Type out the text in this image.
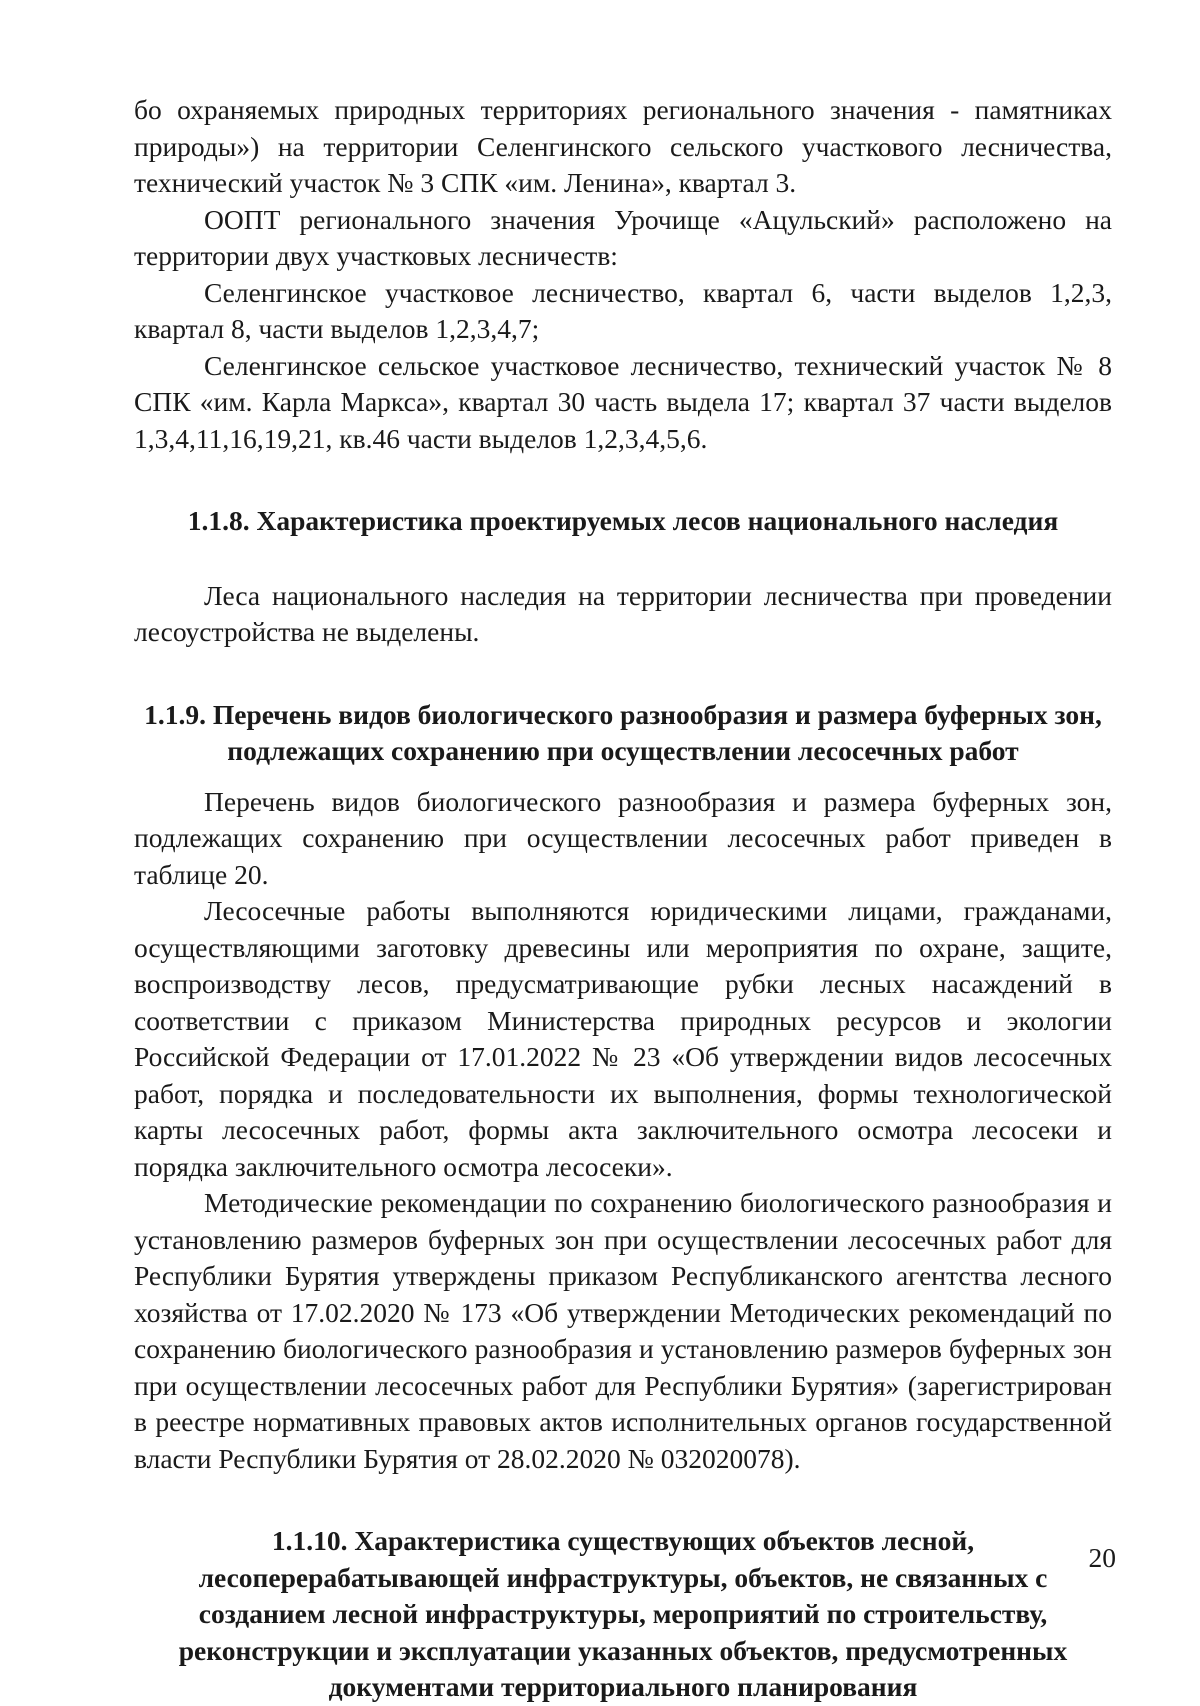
бо охраняемых природных территориях регионального значения - памятниках природы») на территории Селенгинского сельского участкового лесничества, технический участок № 3 СПК «им. Ленина», квартал 3.

ООПТ регионального значения Урочище «Ацульский» расположено на территории двух участковых лесничеств:

Селенгинское участковое лесничество, квартал 6, части выделов 1,2,3, квартал 8, части выделов 1,2,3,4,7;

Селенгинское сельское участковое лесничество, технический участок № 8 СПК «им. Карла Маркса», квартал 30 часть выдела 17; квартал 37 части выделов 1,3,4,11,16,19,21, кв.46 части выделов 1,2,3,4,5,6.

1.1.8. Характеристика проектируемых лесов национального наследия

Леса национального наследия на территории лесничества при проведении лесоустройства не выделены.

1.1.9. Перечень видов биологического разнообразия и размера буферных зон, подлежащих сохранению при осуществлении лесосечных работ

Перечень видов биологического разнообразия и размера буферных зон, подлежащих сохранению при осуществлении лесосечных работ приведен в таблице 20.

Лесосечные работы выполняются юридическими лицами, гражданами, осуществляющими заготовку древесины или мероприятия по охране, защите, воспроизводству лесов, предусматривающие рубки лесных насаждений в соответствии с приказом Министерства природных ресурсов и экологии Российской Федерации от 17.01.2022 № 23 «Об утверждении видов лесосечных работ, порядка и последовательности их выполнения, формы технологической карты лесосечных работ, формы акта заключительного осмотра лесосеки и порядка заключительного осмотра лесосеки».

Методические рекомендации по сохранению биологического разнообразия и установлению размеров буферных зон при осуществлении лесосечных работ для Республики Бурятия утверждены приказом Республиканского агентства лесного хозяйства от 17.02.2020 № 173 «Об утверждении Методических рекомендаций по сохранению биологического разнообразия и установлению размеров буферных зон при осуществлении лесосечных работ для Республики Бурятия» (зарегистрирован в реестре нормативных правовых актов исполнительных органов государственной власти Республики Бурятия от 28.02.2020 № 032020078).

1.1.10. Характеристика существующих объектов лесной, лесоперерабатывающей инфраструктуры, объектов, не связанных с созданием лесной инфраструктуры, мероприятий по строительству, реконструкции и эксплуатации указанных объектов, предусмотренных документами территориального планирования
20
